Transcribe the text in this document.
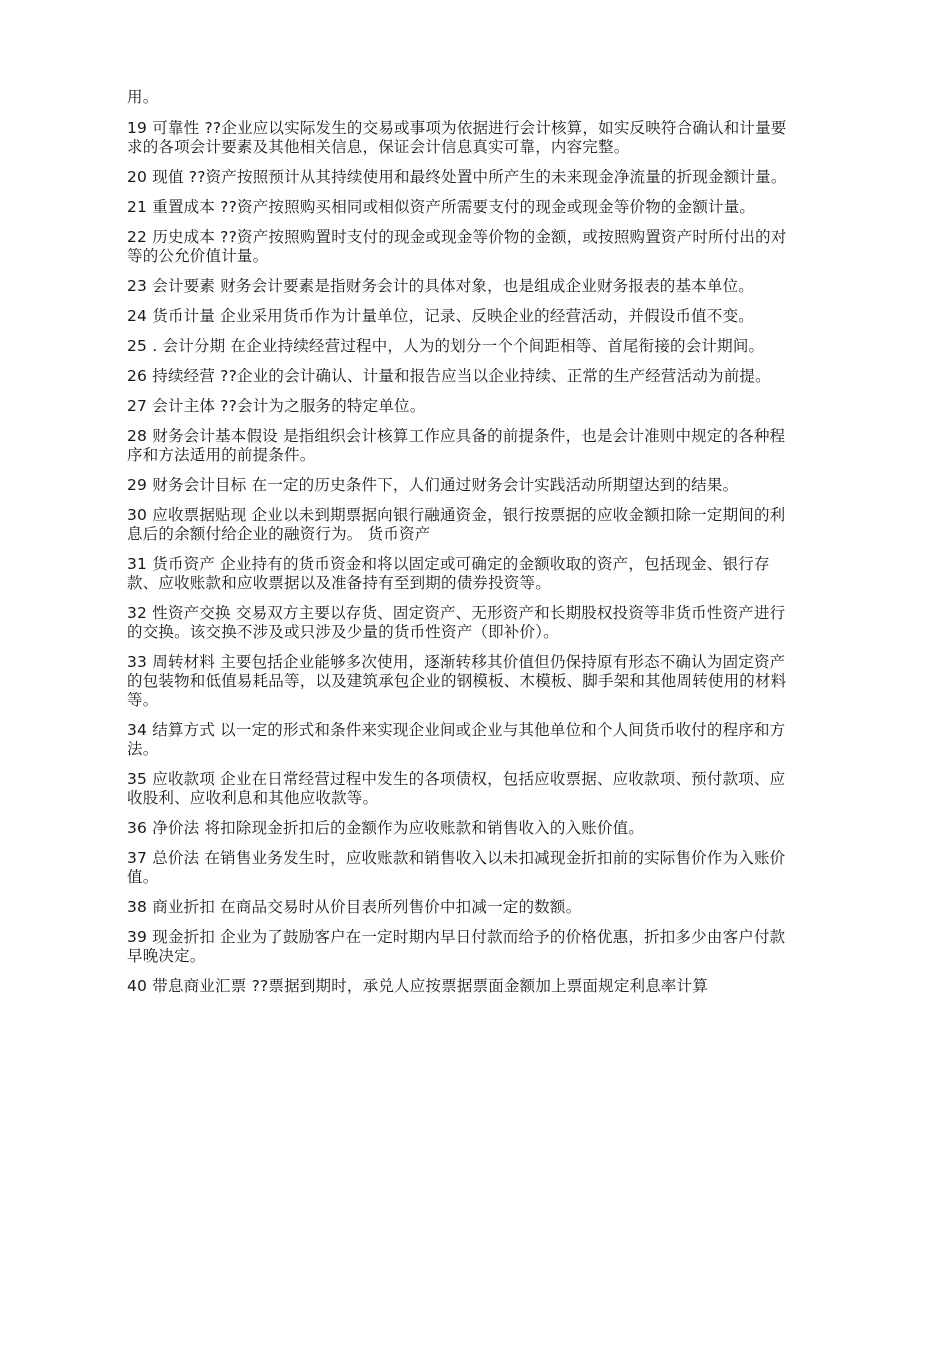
用。

19 可靠性 ??企业应以实际发生的交易或事项为依据进行会计核算，如实反映符合确认和计量要求的各项会计要素及其他相关信息，保证会计信息真实可靠，内容完整。

20 现值 ??资产按照预计从其持续使用和最终处置中所产生的未来现金净流量的折现金额计量。

21 重置成本 ??资产按照购买相同或相似资产所需要支付的现金或现金等价物的金额计量。

22 历史成本 ??资产按照购置时支付的现金或现金等价物的金额，或按照购置资产时所付出的对等的公允价值计量。

23 会计要素 财务会计要素是指财务会计的具体对象，也是组成企业财务报表的基本单位。

24 货币计量 企业采用货币作为计量单位，记录、反映企业的经营活动，并假设币值不变。

25 . 会计分期 在企业持续经营过程中，人为的划分一个个间距相等、首尾衔接的会计期间。

26 持续经营 ??企业的会计确认、计量和报告应当以企业持续、正常的生产经营活动为前提。

27 会计主体 ??会计为之服务的特定单位。

28 财务会计基本假设 是指组织会计核算工作应具备的前提条件，也是会计准则中规定的各种程序和方法适用的前提条件。

29 财务会计目标 在一定的历史条件下，人们通过财务会计实践活动所期望达到的结果。

30 应收票据贴现 企业以未到期票据向银行融通资金，银行按票据的应收金额扣除一定期间的利息后的余额付给企业的融资行为。 货币资产

31 货币资产 企业持有的货币资金和将以固定或可确定的金额收取的资产，包括现金、银行存款、应收账款和应收票据以及准备持有至到期的债券投资等。

32 性资产交换 交易双方主要以存货、固定资产、无形资产和长期股权投资等非货币性资产进行的交换。该交换不涉及或只涉及少量的货币性资产（即补价）。

33 周转材料 主要包括企业能够多次使用，逐渐转移其价值但仍保持原有形态不确认为固定资产的包装物和低值易耗品等，以及建筑承包企业的钢模板、木模板、脚手架和其他周转使用的材料等。

34 结算方式 以一定的形式和条件来实现企业间或企业与其他单位和个人间货币收付的程序和方法。

35 应收款项 企业在日常经营过程中发生的各项债权，包括应收票据、应收款项、预付款项、应收股利、应收利息和其他应收款等。

36 净价法 将扣除现金折扣后的金额作为应收账款和销售收入的入账价值。

37 总价法 在销售业务发生时，应收账款和销售收入以未扣减现金折扣前的实际售价作为入账价值。

38 商业折扣 在商品交易时从价目表所列售价中扣减一定的数额。

39 现金折扣 企业为了鼓励客户在一定时期内早日付款而给予的价格优惠，折扣多少由客户付款早晚决定。

40 带息商业汇票 ??票据到期时，承兑人应按票据票面金额加上票面规定利息率计算
